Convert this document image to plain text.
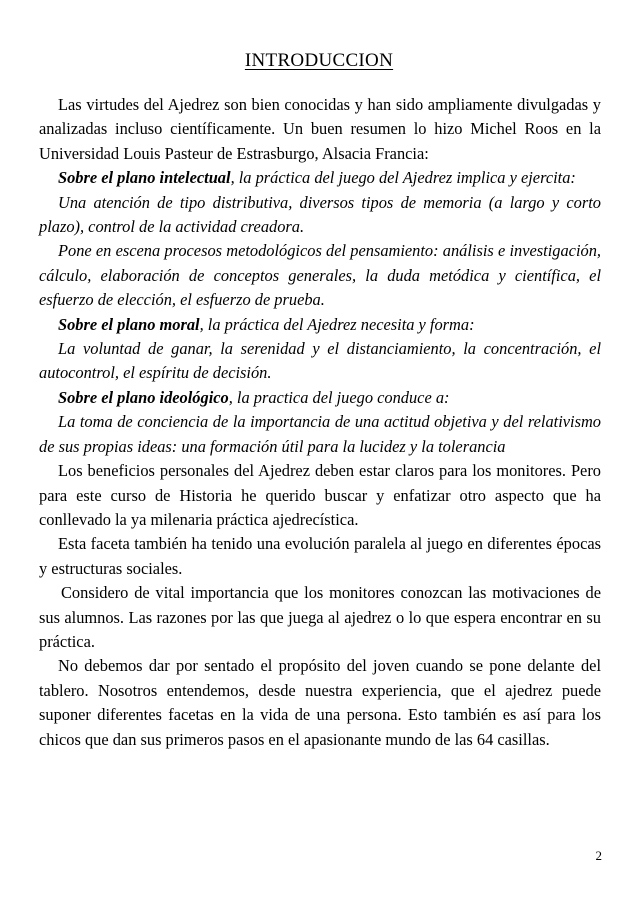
INTRODUCCION

Las virtudes del Ajedrez son bien conocidas y han sido ampliamente divulgadas y analizadas incluso científicamente. Un buen resumen lo hizo Michel Roos en la Universidad Louis Pasteur de Estrasburgo, Alsacia Francia:

Sobre el plano intelectual, la práctica del juego del Ajedrez implica y ejercita:

Una atención de tipo distributiva, diversos tipos de memoria (a largo y corto plazo), control de la actividad creadora.

Pone en escena procesos metodológicos del pensamiento: análisis e investigación, cálculo, elaboración de conceptos generales, la duda metódica y científica, el esfuerzo de elección, el esfuerzo de prueba.

Sobre el plano moral, la práctica del Ajedrez necesita y forma:

La voluntad de ganar, la serenidad y el distanciamiento, la concentración, el autocontrol, el espíritu de decisión.

Sobre el plano ideológico, la practica del juego conduce a:

La toma de conciencia de la importancia de una actitud objetiva y del relativismo de sus propias ideas: una formación útil para la lucidez y la tolerancia

Los beneficios personales del Ajedrez deben estar claros para los monitores. Pero para este curso de Historia he querido buscar y enfatizar otro aspecto que ha conllevado la ya milenaria práctica ajedrecística.

Esta faceta también ha tenido una evolución paralela al juego en diferentes épocas y estructuras sociales.

Considero de vital importancia que los monitores conozcan las motivaciones de sus alumnos. Las razones por las que juega al ajedrez o lo que espera encontrar en su práctica.

No debemos dar por sentado el propósito del joven cuando se pone delante del tablero. Nosotros entendemos, desde nuestra experiencia, que el ajedrez puede suponer diferentes facetas en la vida de una persona. Esto también es así para los chicos que dan sus primeros pasos en el apasionante mundo de las 64 casillas.

2
